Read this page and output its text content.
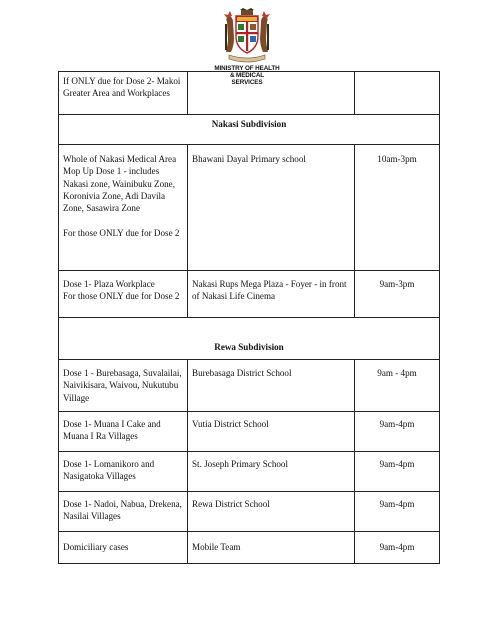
MINISTRY OF HEALTH
& MEDICAL SERVICES
If ONLY due for Dose 2- Makoi Greater Area and Workplaces		
Nakasi Subdivision		

Whole of Nakasi Medical Area Mop Up Dose 1 - includes Nakasi zone, Wainibuku Zone, Koronivia Zone, Adi Davila Zone, Sasawira Zone
For those ONLY due for Dose 2	Bhawani Dayal Primary school	10am-3pm

Dose 1- Plaza Workplace
For those ONLY due for Dose 2	Nakasi Rups Mega Plaza - Foyer - in front of Nakasi Life Cinema	9am-3pm
Rewa Subdivision		
Dose 1 - Burebasaga, Suvalailai, Naivikisara, Waivou, Nukutubu Village	Burebasaga District School	9am - 4pm
Dose 1- Muana I Cake and Muana I Ra Villages	Vutia District School	9am-4pm
Dose 1- Lomanikoro and Nasigatoka Villages	St. Joseph Primary School	9am-4pm
Dose 1- Nadoi, Nabua, Drekena, Nasilai Villages	Rewa District School	9am-4pm
Domiciliary cases	Mobile Team	9am-4pm
